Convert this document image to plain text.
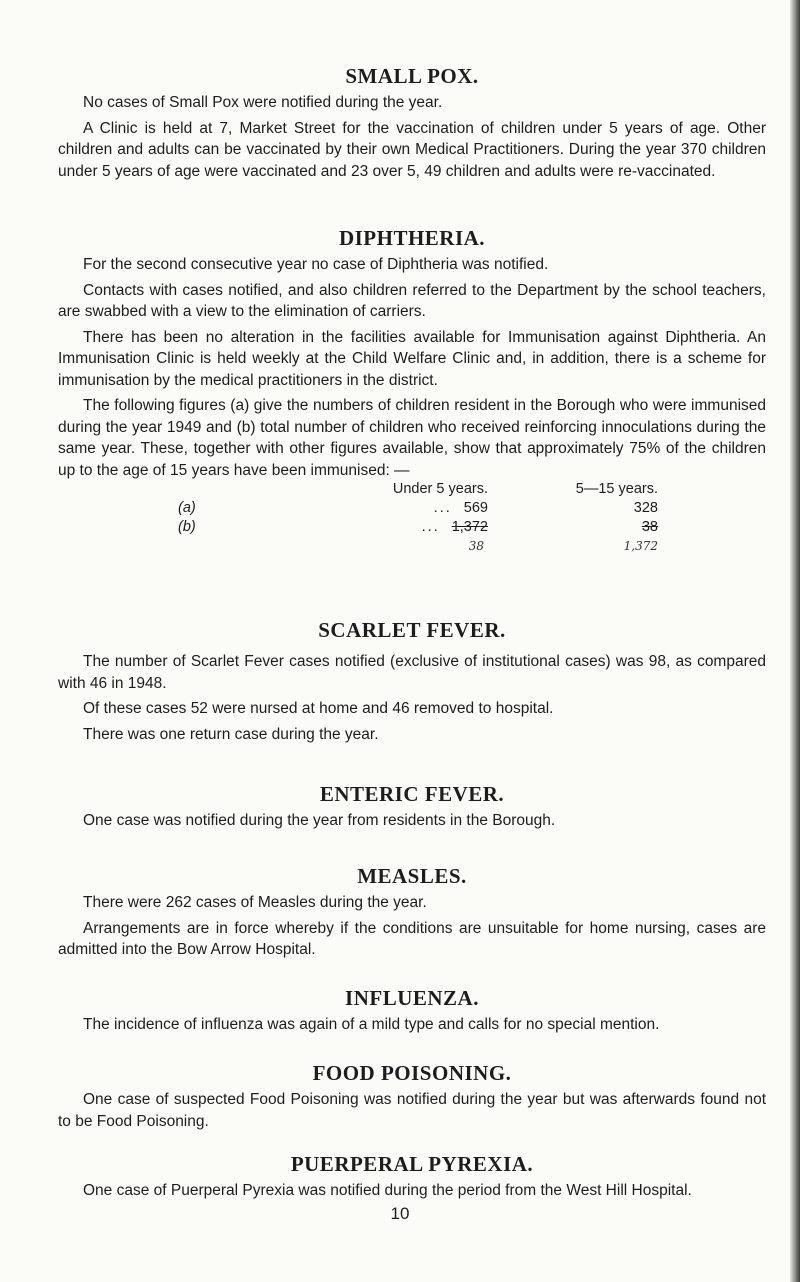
SMALL POX.

No cases of Small Pox were notified during the year.

A Clinic is held at 7, Market Street for the vaccination of children under 5 years of age. Other children and adults can be vaccinated by their own Medical Practitioners. During the year 370 children under 5 years of age were vaccinated and 23 over 5, 49 children and adults were re-vaccinated.

DIPHTHERIA.

For the second consecutive year no case of Diphtheria was notified.

Contacts with cases notified, and also children referred to the Department by the school teachers, are swabbed with a view to the elimination of carriers.

There has been no alteration in the facilities available for Immunisation against Diphtheria. An Immunisation Clinic is held weekly at the Child Welfare Clinic and, in addition, there is a scheme for immunisation by the medical practitioners in the district.

The following figures (a) give the numbers of children resident in the Borough who were immunised during the year 1949 and (b) total number of children who received reinforcing innoculations during the same year. These, together with other figures available, show that approximately 75% of the children up to the age of 15 years have been immunised: —

	Under 5 years.	5—15 years.
(a)	... 569	328
(b)	... 1,372	38
	38	1,372
SCARLET FEVER.

The number of Scarlet Fever cases notified (exclusive of institutional cases) was 98, as compared with 46 in 1948.

Of these cases 52 were nursed at home and 46 removed to hospital.

There was one return case during the year.

ENTERIC FEVER.

One case was notified during the year from residents in the Borough.

MEASLES.

There were 262 cases of Measles during the year.

Arrangements are in force whereby if the conditions are unsuitable for home nursing, cases are admitted into the Bow Arrow Hospital.

INFLUENZA.

The incidence of influenza was again of a mild type and calls for no special mention.

FOOD POISONING.

One case of suspected Food Poisoning was notified during the year but was afterwards found not to be Food Poisoning.

PUERPERAL PYREXIA.

One case of Puerperal Pyrexia was notified during the period from the West Hill Hospital.

10
